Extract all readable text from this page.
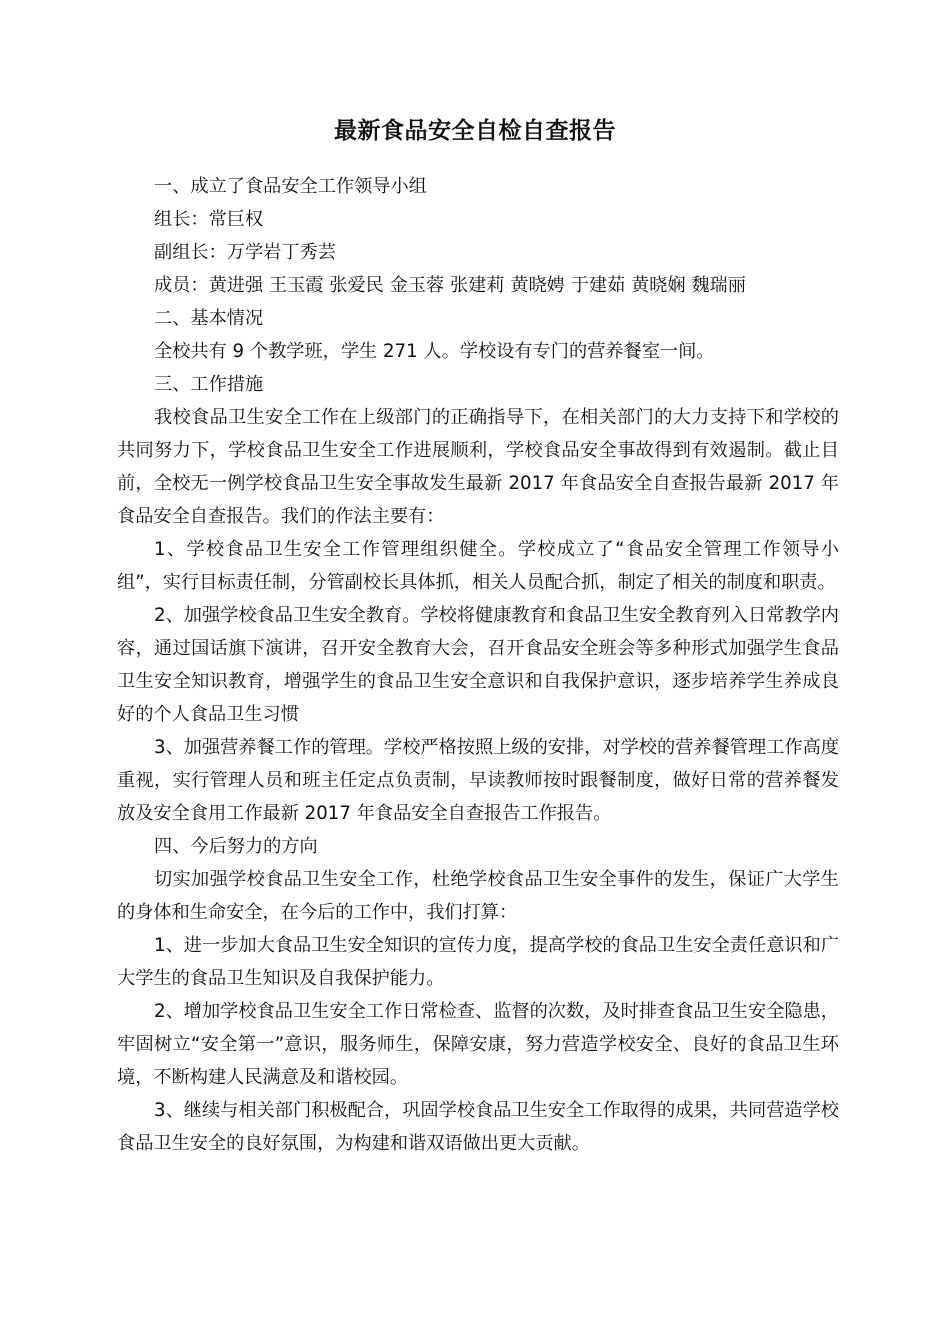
最新食品安全自检自查报告

一、成立了食品安全工作领导小组

组长：常巨权

副组长：万学岩丁秀芸

成员：黄进强 王玉霞 张爱民 金玉蓉 张建莉 黄晓娉 于建茹 黄晓娴 魏瑞丽

二、基本情况

全校共有 9 个教学班，学生 271 人。学校设有专门的营养餐室一间。

三、工作措施

我校食品卫生安全工作在上级部门的正确指导下，在相关部门的大力支持下和学校的共同努力下，学校食品卫生安全工作进展顺利，学校食品安全事故得到有效遏制。截止目前，全校无一例学校食品卫生安全事故发生最新 2017 年食品安全自查报告最新 2017 年食品安全自查报告。我们的作法主要有：

1、学校食品卫生安全工作管理组织健全。学校成立了“食品安全管理工作领导小组”，实行目标责任制，分管副校长具体抓，相关人员配合抓，制定了相关的制度和职责。

2、加强学校食品卫生安全教育。学校将健康教育和食品卫生安全教育列入日常教学内容，通过国话旗下演讲，召开安全教育大会，召开食品安全班会等多种形式加强学生食品卫生安全知识教育，增强学生的食品卫生安全意识和自我保护意识，逐步培养学生养成良好的个人食品卫生习惯

3、加强营养餐工作的管理。学校严格按照上级的安排，对学校的营养餐管理工作高度重视，实行管理人员和班主任定点负责制，早读教师按时跟餐制度，做好日常的营养餐发放及安全食用工作最新 2017 年食品安全自查报告工作报告。

四、今后努力的方向

切实加强学校食品卫生安全工作，杜绝学校食品卫生安全事件的发生，保证广大学生的身体和生命安全，在今后的工作中，我们打算：

1、进一步加大食品卫生安全知识的宣传力度，提高学校的食品卫生安全责任意识和广大学生的食品卫生知识及自我保护能力。

2、增加学校食品卫生安全工作日常检查、监督的次数，及时排查食品卫生安全隐患，牢固树立“安全第一”意识，服务师生，保障安康，努力营造学校安全、良好的食品卫生环境，不断构建人民满意及和谐校园。

3、继续与相关部门积极配合，巩固学校食品卫生安全工作取得的成果，共同营造学校食品卫生安全的良好氛围，为构建和谐双语做出更大贡献。
